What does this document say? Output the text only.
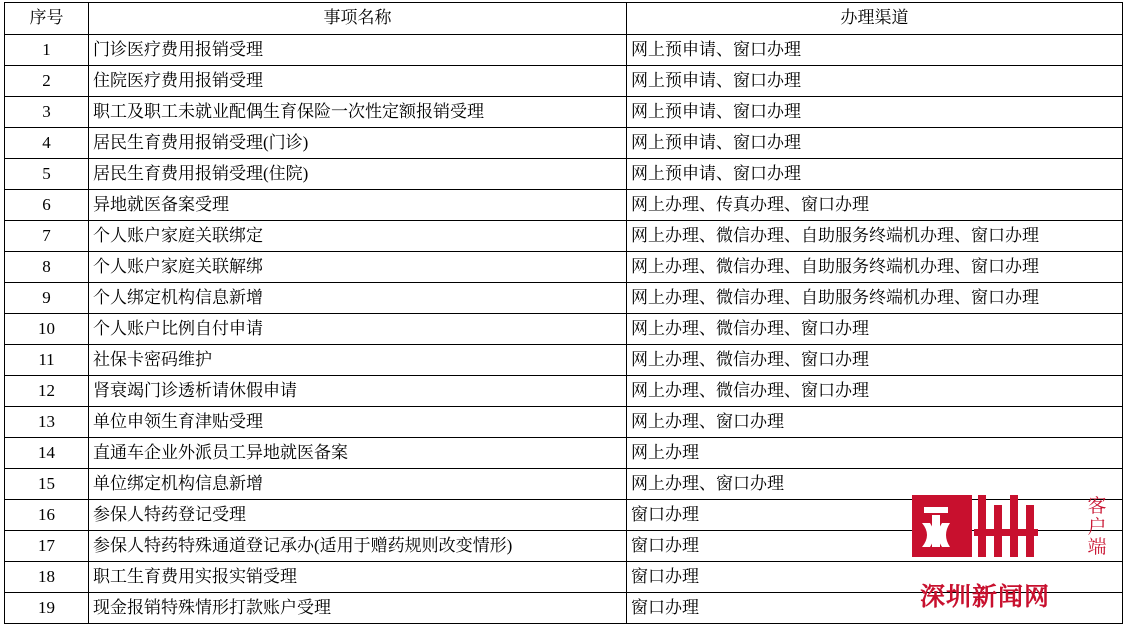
序号	事项名称	办理渠道
1	门诊医疗费用报销受理	网上预申请、窗口办理
2	住院医疗费用报销受理	网上预申请、窗口办理
3	职工及职工未就业配偶生育保险一次性定额报销受理	网上预申请、窗口办理
4	居民生育费用报销受理(门诊)	网上预申请、窗口办理
5	居民生育费用报销受理(住院)	网上预申请、窗口办理
6	异地就医备案受理	网上办理、传真办理、窗口办理
7	个人账户家庭关联绑定	网上办理、微信办理、自助服务终端机办理、窗口办理
8	个人账户家庭关联解绑	网上办理、微信办理、自助服务终端机办理、窗口办理
9	个人绑定机构信息新增	网上办理、微信办理、自助服务终端机办理、窗口办理
10	个人账户比例自付申请	网上办理、微信办理、窗口办理
11	社保卡密码维护	网上办理、微信办理、窗口办理
12	肾衰竭门诊透析请休假申请	网上办理、微信办理、窗口办理
13	单位申领生育津贴受理	网上办理、窗口办理
14	直通车企业外派员工异地就医备案	网上办理
15	单位绑定机构信息新增	网上办理、窗口办理
16	参保人特药登记受理	窗口办理
17	参保人特药特殊通道登记承办(适用于赠药规则改变情形)	窗口办理
18	职工生育费用实报实销受理	窗口办理
19	现金报销特殊情形打款账户受理	窗口办理
客
户
端
深圳新闻网
